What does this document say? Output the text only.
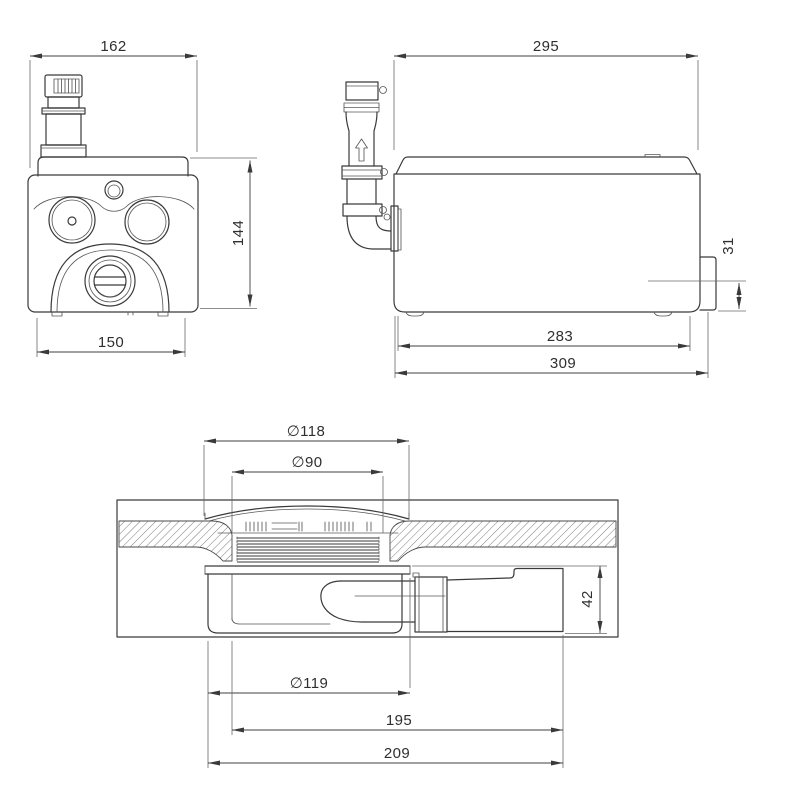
162
144
150
295
31
283
309
∅118
∅90
42
∅119
195
209
